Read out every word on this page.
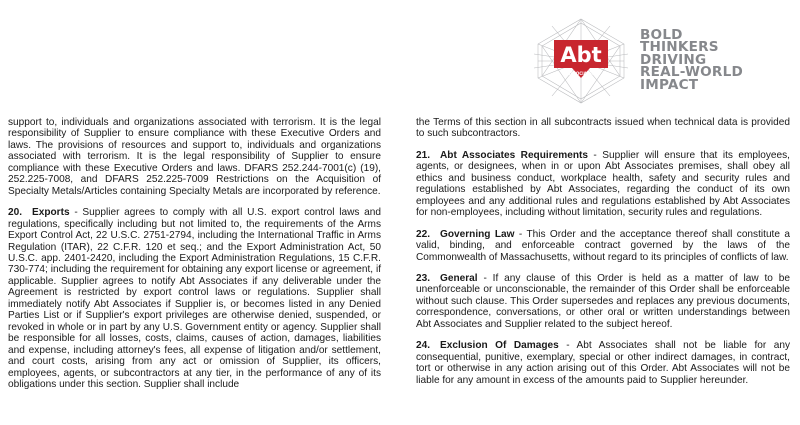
Abt
ASSOCIATES
BOLD
THINKERS
DRIVING
REAL-WORLD
IMPACT

support to, individuals and organizations associated with terrorism. It is the legal responsibility of Supplier to ensure compliance with these Executive Orders and laws. The provisions of resources and support to, individuals and organizations associated with terrorism. It is the legal responsibility of Supplier to ensure compliance with these Executive Orders and laws. DFARS 252.244-7001(c) (19), 252.225-7008, and DFARS 252.225-7009 Restrictions on the Acquisition of Specialty Metals/Articles containing Specialty Metals are incorporated by reference.

20. Exports - Supplier agrees to comply with all U.S. export control laws and regulations, specifically including but not limited to, the requirements of the Arms Export Control Act, 22 U.S.C. 2751-2794, including the International Traffic in Arms Regulation (ITAR), 22 C.F.R. 120 et seq.; and the Export Administration Act, 50 U.S.C. app. 2401-2420, including the Export Administration Regulations, 15 C.F.R. 730-774; including the requirement for obtaining any export license or agreement, if applicable. Supplier agrees to notify Abt Associates if any deliverable under the Agreement is restricted by export control laws or regulations. Supplier shall immediately notify Abt Associates if Supplier is, or becomes listed in any Denied Parties List or if Supplier's export privileges are otherwise denied, suspended, or revoked in whole or in part by any U.S. Government entity or agency. Supplier shall be responsible for all losses, costs, claims, causes of action, damages, liabilities and expense, including attorney's fees, all expense of litigation and/or settlement, and court costs, arising from any act or omission of Supplier, its officers, employees, agents, or subcontractors at any tier, in the performance of any of its obligations under this section. Supplier shall include

the Terms of this section in all subcontracts issued when technical data is provided to such subcontractors.

21. Abt Associates Requirements - Supplier will ensure that its employees, agents, or designees, when in or upon Abt Associates premises, shall obey all ethics and business conduct, workplace health, safety and security rules and regulations established by Abt Associates, regarding the conduct of its own employees and any additional rules and regulations established by Abt Associates for non-employees, including without limitation, security rules and regulations.

22. Governing Law - This Order and the acceptance thereof shall constitute a valid, binding, and enforceable contract governed by the laws of the Commonwealth of Massachusetts, without regard to its principles of conflicts of law.

23. General - If any clause of this Order is held as a matter of law to be unenforceable or unconscionable, the remainder of this Order shall be enforceable without such clause. This Order supersedes and replaces any previous documents, correspondence, conversations, or other oral or written understandings between Abt Associates and Supplier related to the subject hereof.

24. Exclusion Of Damages - Abt Associates shall not be liable for any consequential, punitive, exemplary, special or other indirect damages, in contract, tort or otherwise in any action arising out of this Order. Abt Associates will not be liable for any amount in excess of the amounts paid to Supplier hereunder.
